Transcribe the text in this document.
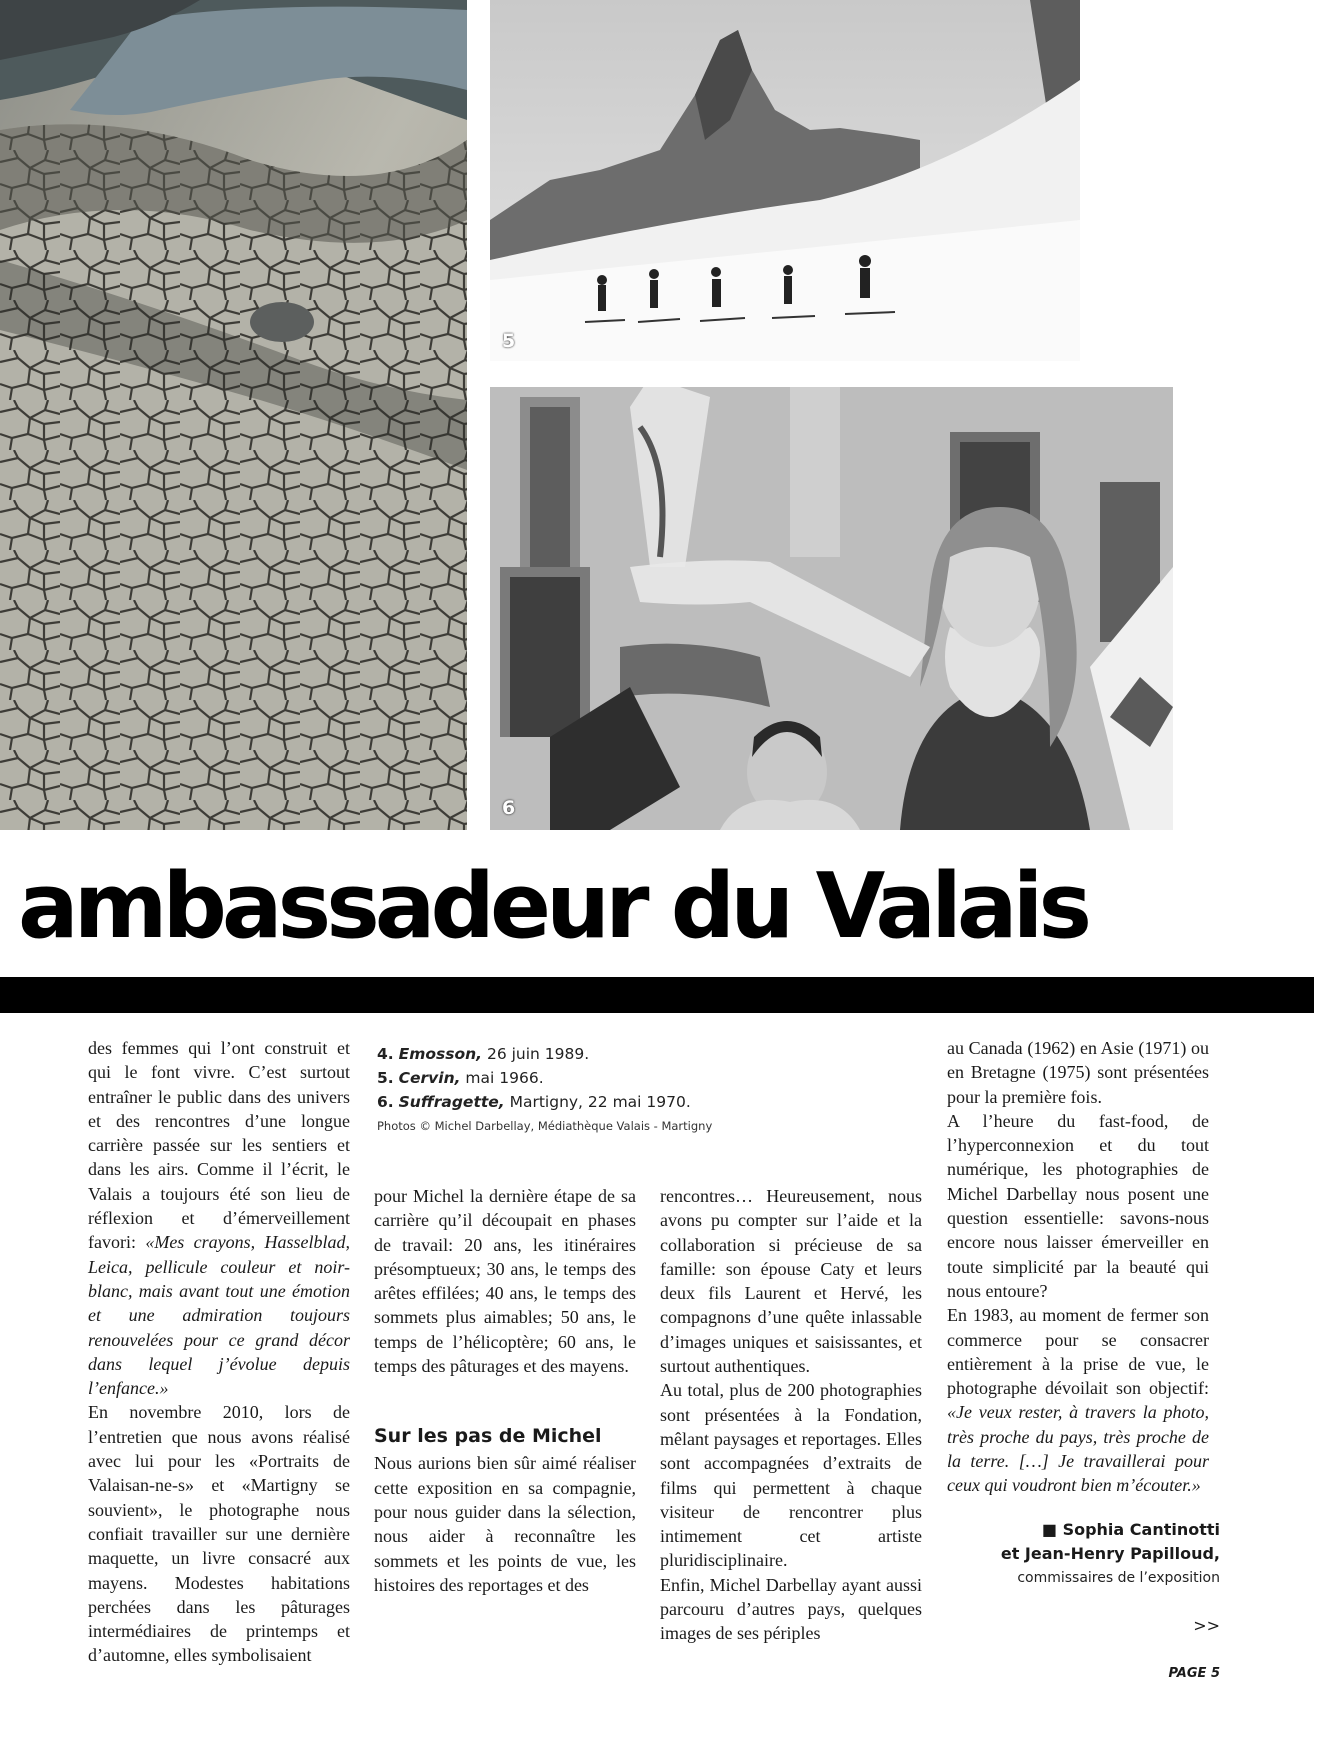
5
6
ambassadeur du Valais

des femmes qui l’ont construit et qui le font vivre. C’est surtout entraîner le public dans des univers et des rencontres d’une longue carrière passée sur les sentiers et dans les airs. Comme il l’écrit, le Valais a toujours été son lieu de réflexion et d’émerveillement favori: «Mes crayons, Hasselblad, Leica, pellicule couleur et noir-blanc, mais avant tout une émotion et une admiration toujours renouvelées pour ce grand décor dans lequel j’évolue depuis l’enfance.»

En novembre 2010, lors de l’entretien que nous avons réalisé avec lui pour les «Portraits de Valaisan-ne-s» et «Martigny se souvient», le photographe nous confiait travailler sur une dernière maquette, un livre consacré aux mayens. Modestes habitations perchées dans les pâturages intermédiaires de printemps et d’automne, elles symbolisaient

4. Emosson, 26 juin 1989.
5. Cervin, mai 1966.
6. Suffragette, Martigny, 22 mai 1970.
Photos © Michel Darbellay, Médiathèque Valais - Martigny

pour Michel la dernière étape de sa carrière qu’il découpait en phases de travail: 20 ans, les itinéraires présomptueux; 30 ans, le temps des arêtes effilées; 40 ans, le temps des sommets plus aimables; 50 ans, le temps de l’hélicoptère; 60 ans, le temps des pâturages et des mayens.

Sur les pas de Michel

Nous aurions bien sûr aimé réaliser cette exposition en sa compagnie, pour nous guider dans la sélection, nous aider à reconnaître les sommets et les points de vue, les histoires des reportages et des

rencontres… Heureusement, nous avons pu compter sur l’aide et la collaboration si précieuse de sa famille: son épouse Caty et leurs deux fils Laurent et Hervé, les compagnons d’une quête inlassable d’images uniques et saisissantes, et surtout authentiques.

Au total, plus de 200 photographies sont présentées à la Fondation, mêlant paysages et reportages. Elles sont accompagnées d’extraits de films qui permettent à chaque visiteur de rencontrer plus intimement cet artiste pluridisciplinaire.

Enfin, Michel Darbellay ayant aussi parcouru d’autres pays, quelques images de ses périples

au Canada (1962) en Asie (1971) ou en Bretagne (1975) sont présentées pour la première fois.

A l’heure du fast-food, de l’hyperconnexion et du tout numérique, les photographies de Michel Darbellay nous posent une question essentielle: savons-nous encore nous laisser émerveiller en toute simplicité par la beauté qui nous entoure?

En 1983, au moment de fermer son commerce pour se consacrer entièrement à la prise de vue, le photographe dévoilait son objectif: «Je veux rester, à travers la photo, très proche du pays, très proche de la terre. […] Je travaillerai pour ceux qui voudront bien m’écouter.»

■ Sophia Cantinotti
et Jean-Henry Papilloud,
commissaires de l’exposition
>>
PAGE 5
